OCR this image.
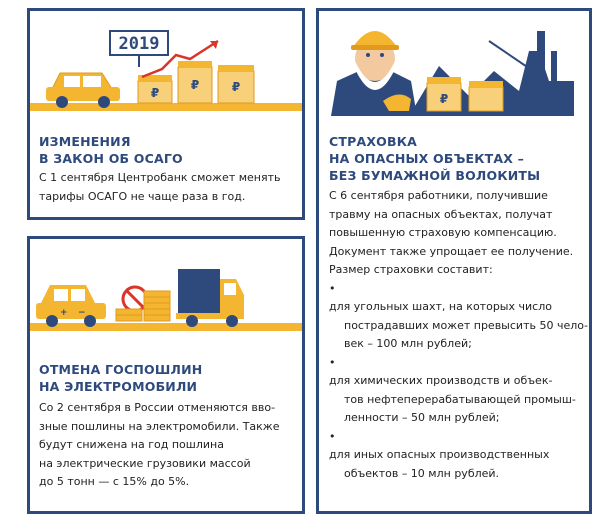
2019
₽
₽	₽
ИЗМЕНЕНИЯ
В ЗАКОН ОБ ОСАГО
С 1 сентября Центробанк сможет менять
тарифы ОСАГО не чаще раза в год.
+ −	+
ОТМЕНА ГОСПОШЛИН
НА ЭЛЕКТРОМОБИЛИ
Со 2 сентября в России отменяются вво-
зные пошлины на электромобили. Также
будут снижена на год пошлина
на электрические грузовики массой
до 5 тонн — с 15% до 5%.
₽
СТРАХОВКА
НА ОПАСНЫХ ОБЪЕКТАХ –
БЕЗ БУМАЖНОЙ ВОЛОКИТЫ
С 6 сентября работники, получившие
травму на опасных объектах, получат
повышенную страховую компенсацию.
Документ также упрощает ее получение.
Размер страховки составит:
•
для угольных шахт, на которых число
пострадавших может превысить 50 чело-
век – 100 млн рублей;
•
для химических производств и объек-
тов нефтеперерабатывающей промыш-
ленности – 50 млн рублей;
•
для иных опасных производственных
объектов – 10 млн рублей.
